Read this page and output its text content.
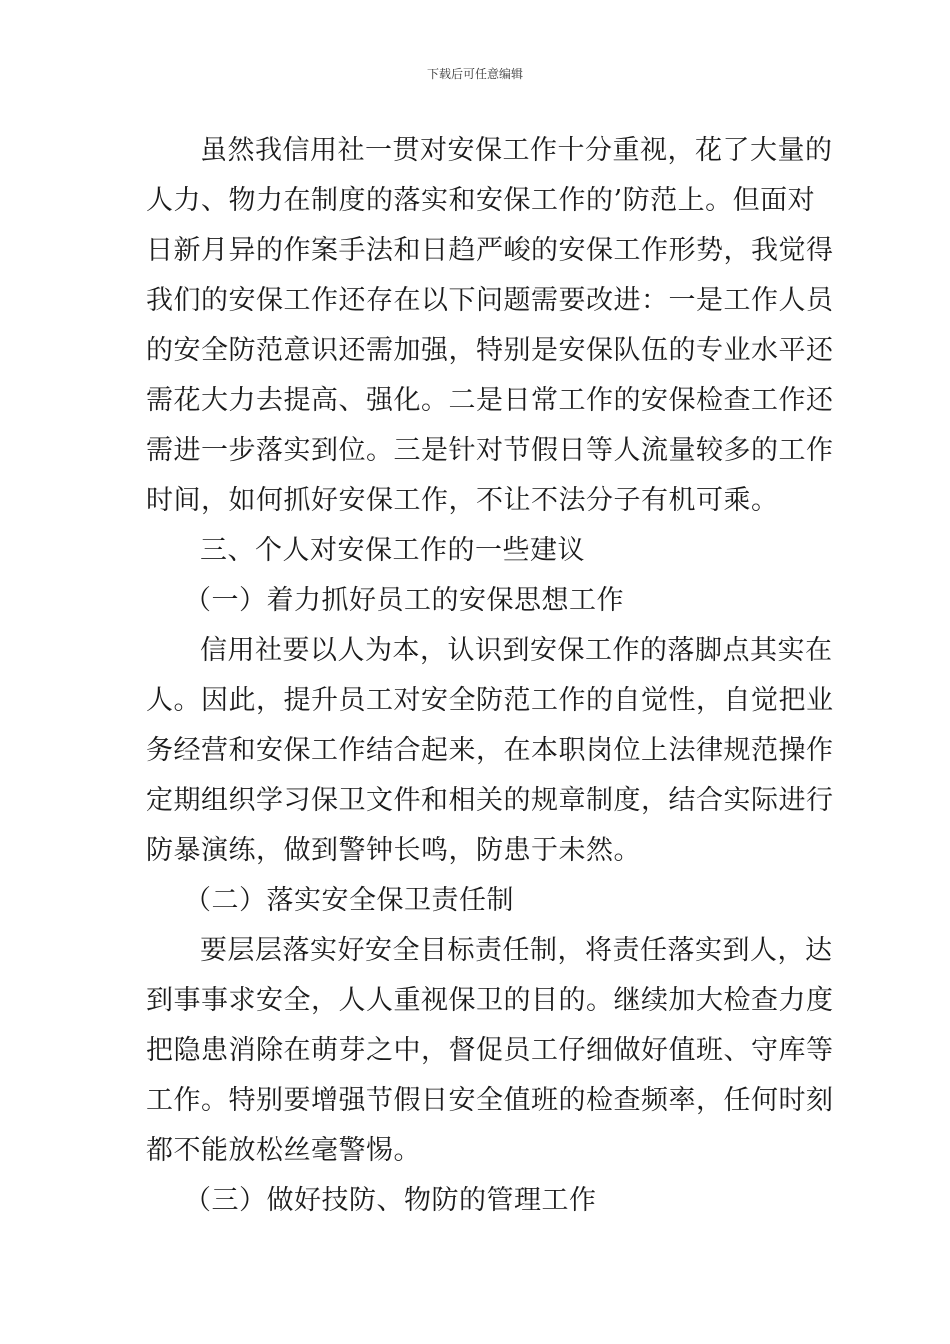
下载后可任意编辑
虽然我信用社一贯对安保工作十分重视，花了大量的
人力、物力在制度的落实和安保工作的’防范上。但面对
日新月异的作案手法和日趋严峻的安保工作形势，我觉得
我们的安保工作还存在以下问题需要改进：一是工作人员
的安全防范意识还需加强，特别是安保队伍的专业水平还
需花大力去提高、强化。二是日常工作的安保检查工作还
需进一步落实到位。三是针对节假日等人流量较多的工作
时间，如何抓好安保工作，不让不法分子有机可乘。
三、个人对安保工作的一些建议
（一）着力抓好员工的安保思想工作
信用社要以人为本，认识到安保工作的落脚点其实在
人。因此，提升员工对安全防范工作的自觉性，自觉把业
务经营和安保工作结合起来，在本职岗位上法律规范操作
定期组织学习保卫文件和相关的规章制度，结合实际进行
防暴演练，做到警钟长鸣，防患于未然。
（二）落实安全保卫责任制
要层层落实好安全目标责任制，将责任落实到人，达
到事事求安全，人人重视保卫的目的。继续加大检查力度
把隐患消除在萌芽之中，督促员工仔细做好值班、守库等
工作。特别要增强节假日安全值班的检查频率，任何时刻
都不能放松丝毫警惕。
（三）做好技防、物防的管理工作
